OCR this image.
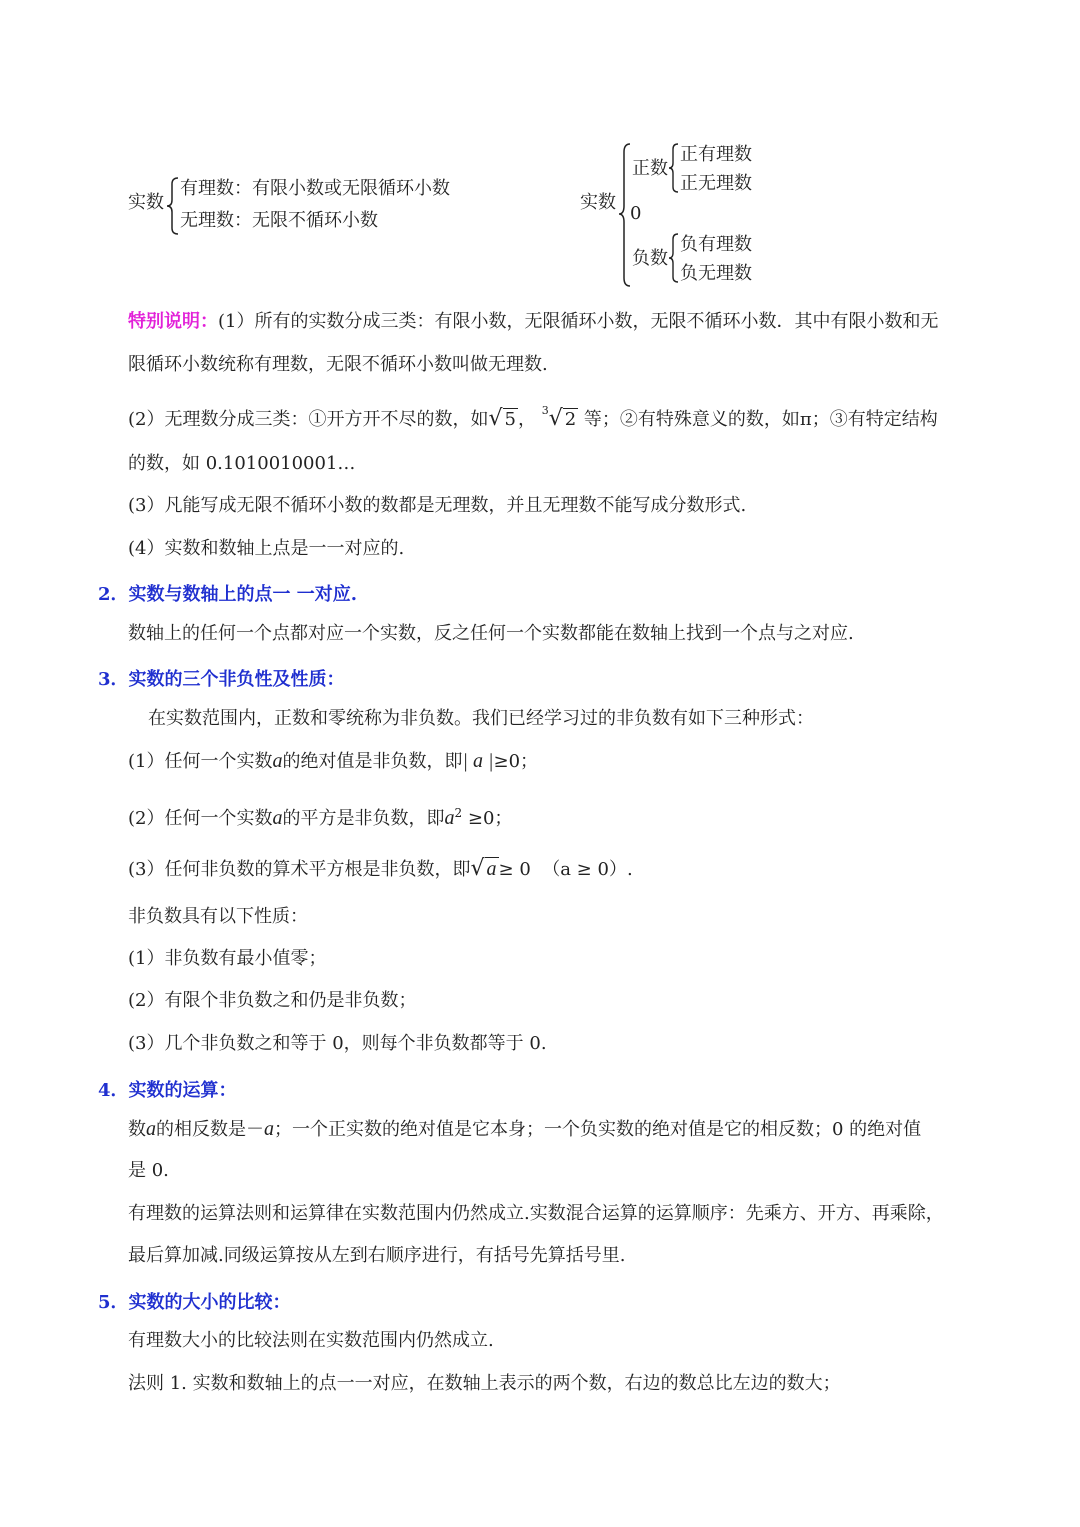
实数
有理数：有限小数或无限循环小数
无理数：无限不循环小数
实数
正数
正有理数
正无理数
0
负数
负有理数
负无理数
特别说明：(1）所有的实数分成三类：有限小数，无限循环小数，无限不循环小数．其中有限小数和无
限循环小数统称有理数，无限不循环小数叫做无理数.
(2）无理数分成三类：①开方开不尽的数，如√ 5 ， $^3$√ 2 等；②有特殊意义的数，如π；③有特定结构
的数，如 0.1010010001…
(3）凡能写成无限不循环小数的数都是无理数，并且无理数不能写成分数形式.
(4）实数和数轴上点是一一对应的.
2．实数与数轴上的点一 一对应.
数轴上的任何一个点都对应一个实数，反之任何一个实数都能在数轴上找到一个点与之对应.
3．实数的三个非负性及性质：
在实数范围内，正数和零统称为非负数。我们已经学习过的非负数有如下三种形式：
(1）任何一个实数a的绝对值是非负数，即| a |≥0；
(2）任何一个实数a的平方是非负数，即$a^2 \ge 0$；
(3）任何非负数的算术平方根是非负数，即√ a ≥ 0 （a ≥ 0）.
非负数具有以下性质：
(1）非负数有最小值零；
(2）有限个非负数之和仍是非负数；
(3）几个非负数之和等于 0，则每个非负数都等于 0.
4．实数的运算：
数a的相反数是－a；一个正实数的绝对值是它本身；一个负实数的绝对值是它的相反数；0 的绝对值
是 0.
有理数的运算法则和运算律在实数范围内仍然成立.实数混合运算的运算顺序：先乘方、开方、再乘除，
最后算加减.同级运算按从左到右顺序进行，有括号先算括号里.
5．实数的大小的比较：
有理数大小的比较法则在实数范围内仍然成立.
法则 1. 实数和数轴上的点一一对应，在数轴上表示的两个数，右边的数总比左边的数大；
